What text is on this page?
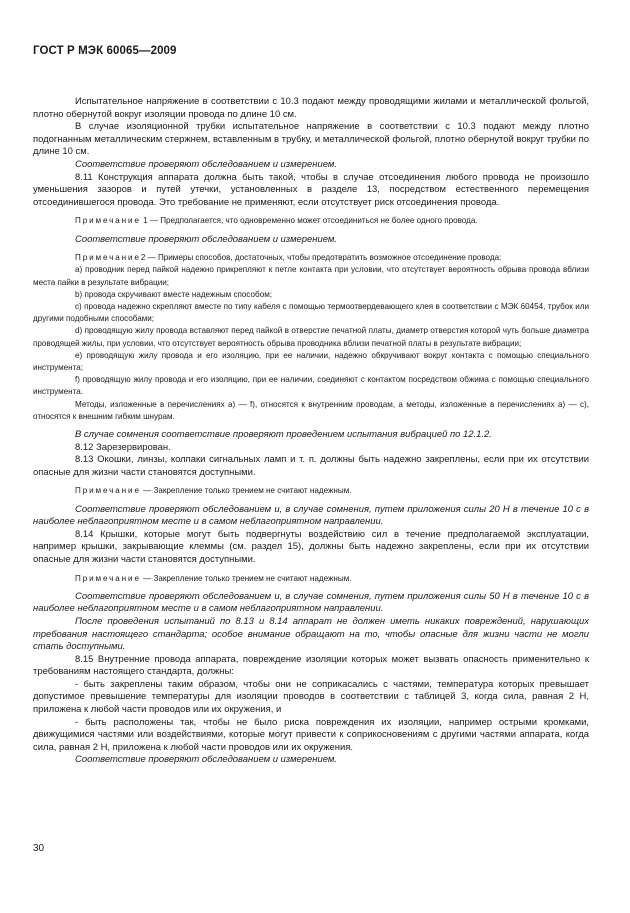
ГОСТ Р МЭК 60065—2009

Испытательное напряжение в соответствии с 10.3 подают между проводящими жилами и металлической фольгой, плотно обернутой вокруг изоляции провода по длине 10 см.

В случае изоляционной трубки испытательное напряжение в соответствии с 10.3 подают между плотно подогнанным металлическим стержнем, вставленным в трубку, и металлической фольгой, плотно обернутой вокруг трубки по длине 10 см.

Соответствие проверяют обследованием и измерением.

8.11 Конструкция аппарата должна быть такой, чтобы в случае отсоединения любого провода не произошло уменьшения зазоров и путей утечки, установленных в разделе 13, посредством естественного перемещения отсоединившегося провода. Это требование не применяют, если отсутствует риск отсоединения провода.

Примечание 1 — Предполагается, что одновременно может отсоединиться не более одного провода.

Соответствие проверяют обследованием и измерением.

Примечание2 — Примеры способов, достаточных, чтобы предотвратить возможное отсоединение провода:

a) проводник перед пайкой надежно прикрепляют к петле контакта при условии, что отсутствует вероятность обрыва провода вблизи места пайки в результате вибрации;

b) провода скручивают вместе надежным способом;

c) провода надежно скрепляют вместе по типу кабеля с помощью термоотвердевающего клея в соответствии с МЭК 60454, трубок или другими подобными способами;

d) проводящую жилу провода вставляют перед пайкой в отверстие печатной платы, диаметр отверстия которой чуть больше диаметра проводящей жилы, при условии, что отсутствует вероятность обрыва проводника вблизи печатной платы в результате вибрации;

e) проводящую жилу провода и его изоляцию, при ее наличии, надежно обкручивают вокруг контакта с помощью специального инструмента;

f) проводящую жилу провода и его изоляцию, при ее наличии, соединяют с контактом посредством обжима с помощью специального инструмента.

Методы, изложенные в перечислениях а) — f), относятся к внутренним проводам, а методы, изложенные в перечислениях а) — с), относятся к внешним гибким шнурам.

В случае сомнения соответствие проверяют проведением испытания вибрацией по 12.1.2.

8.12 Зарезервирован.

8.13 Окошки, линзы, колпаки сигнальных ламп и т. п. должны быть надежно закреплены, если при их отсутствии опасные для жизни части становятся доступными.

Примечание — Закрепление только трением не считают надежным.

Соответствие проверяют обследованием и, в случае сомнения, путем приложения силы 20 Н в течение 10 с в наиболее неблагоприятном месте и в самом неблагоприятном направлении.

8.14 Крышки, которые могут быть подвергнуты воздействию сил в течение предполагаемой эксплуатации, например крышки, закрывающие клеммы (см. раздел 15), должны быть надежно закреплены, если при их отсутствии опасные для жизни части становятся доступными.

Примечание — Закрепление только трением не считают надежным.

Соответствие проверяют обследованием и, в случае сомнения, путем приложения силы 50 Н в течение 10 с в наиболее неблагоприятном месте и в самом неблагоприятном направлении.

После проведения испытаний по 8.13 и 8.14 аппарат не должен иметь никаких повреждений, нарушающих требования настоящего стандарта; особое внимание обращают на то, чтобы опасные для жизни части не могли стать доступными.

8.15 Внутренние провода аппарата, повреждение изоляции которых может вызвать опасность применительно к требованиям настоящего стандарта, должны:

- быть закреплены таким образом, чтобы они не соприкасались с частями, температура которых превышает допустимое превышение температуры для изоляции проводов в соответствии с таблицей 3, когда сила, равная 2 Н, приложена к любой части проводов или их окружения, и

- быть расположены так, чтобы не было риска повреждения их изоляции, например острыми кромками, движущимися частями или воздействиями, которые могут привести к соприкосновениям с другими частями аппарата, когда сила, равная 2 Н, приложена к любой части проводов или их окружения.

Соответствие проверяют обследованием и измерением.

30
